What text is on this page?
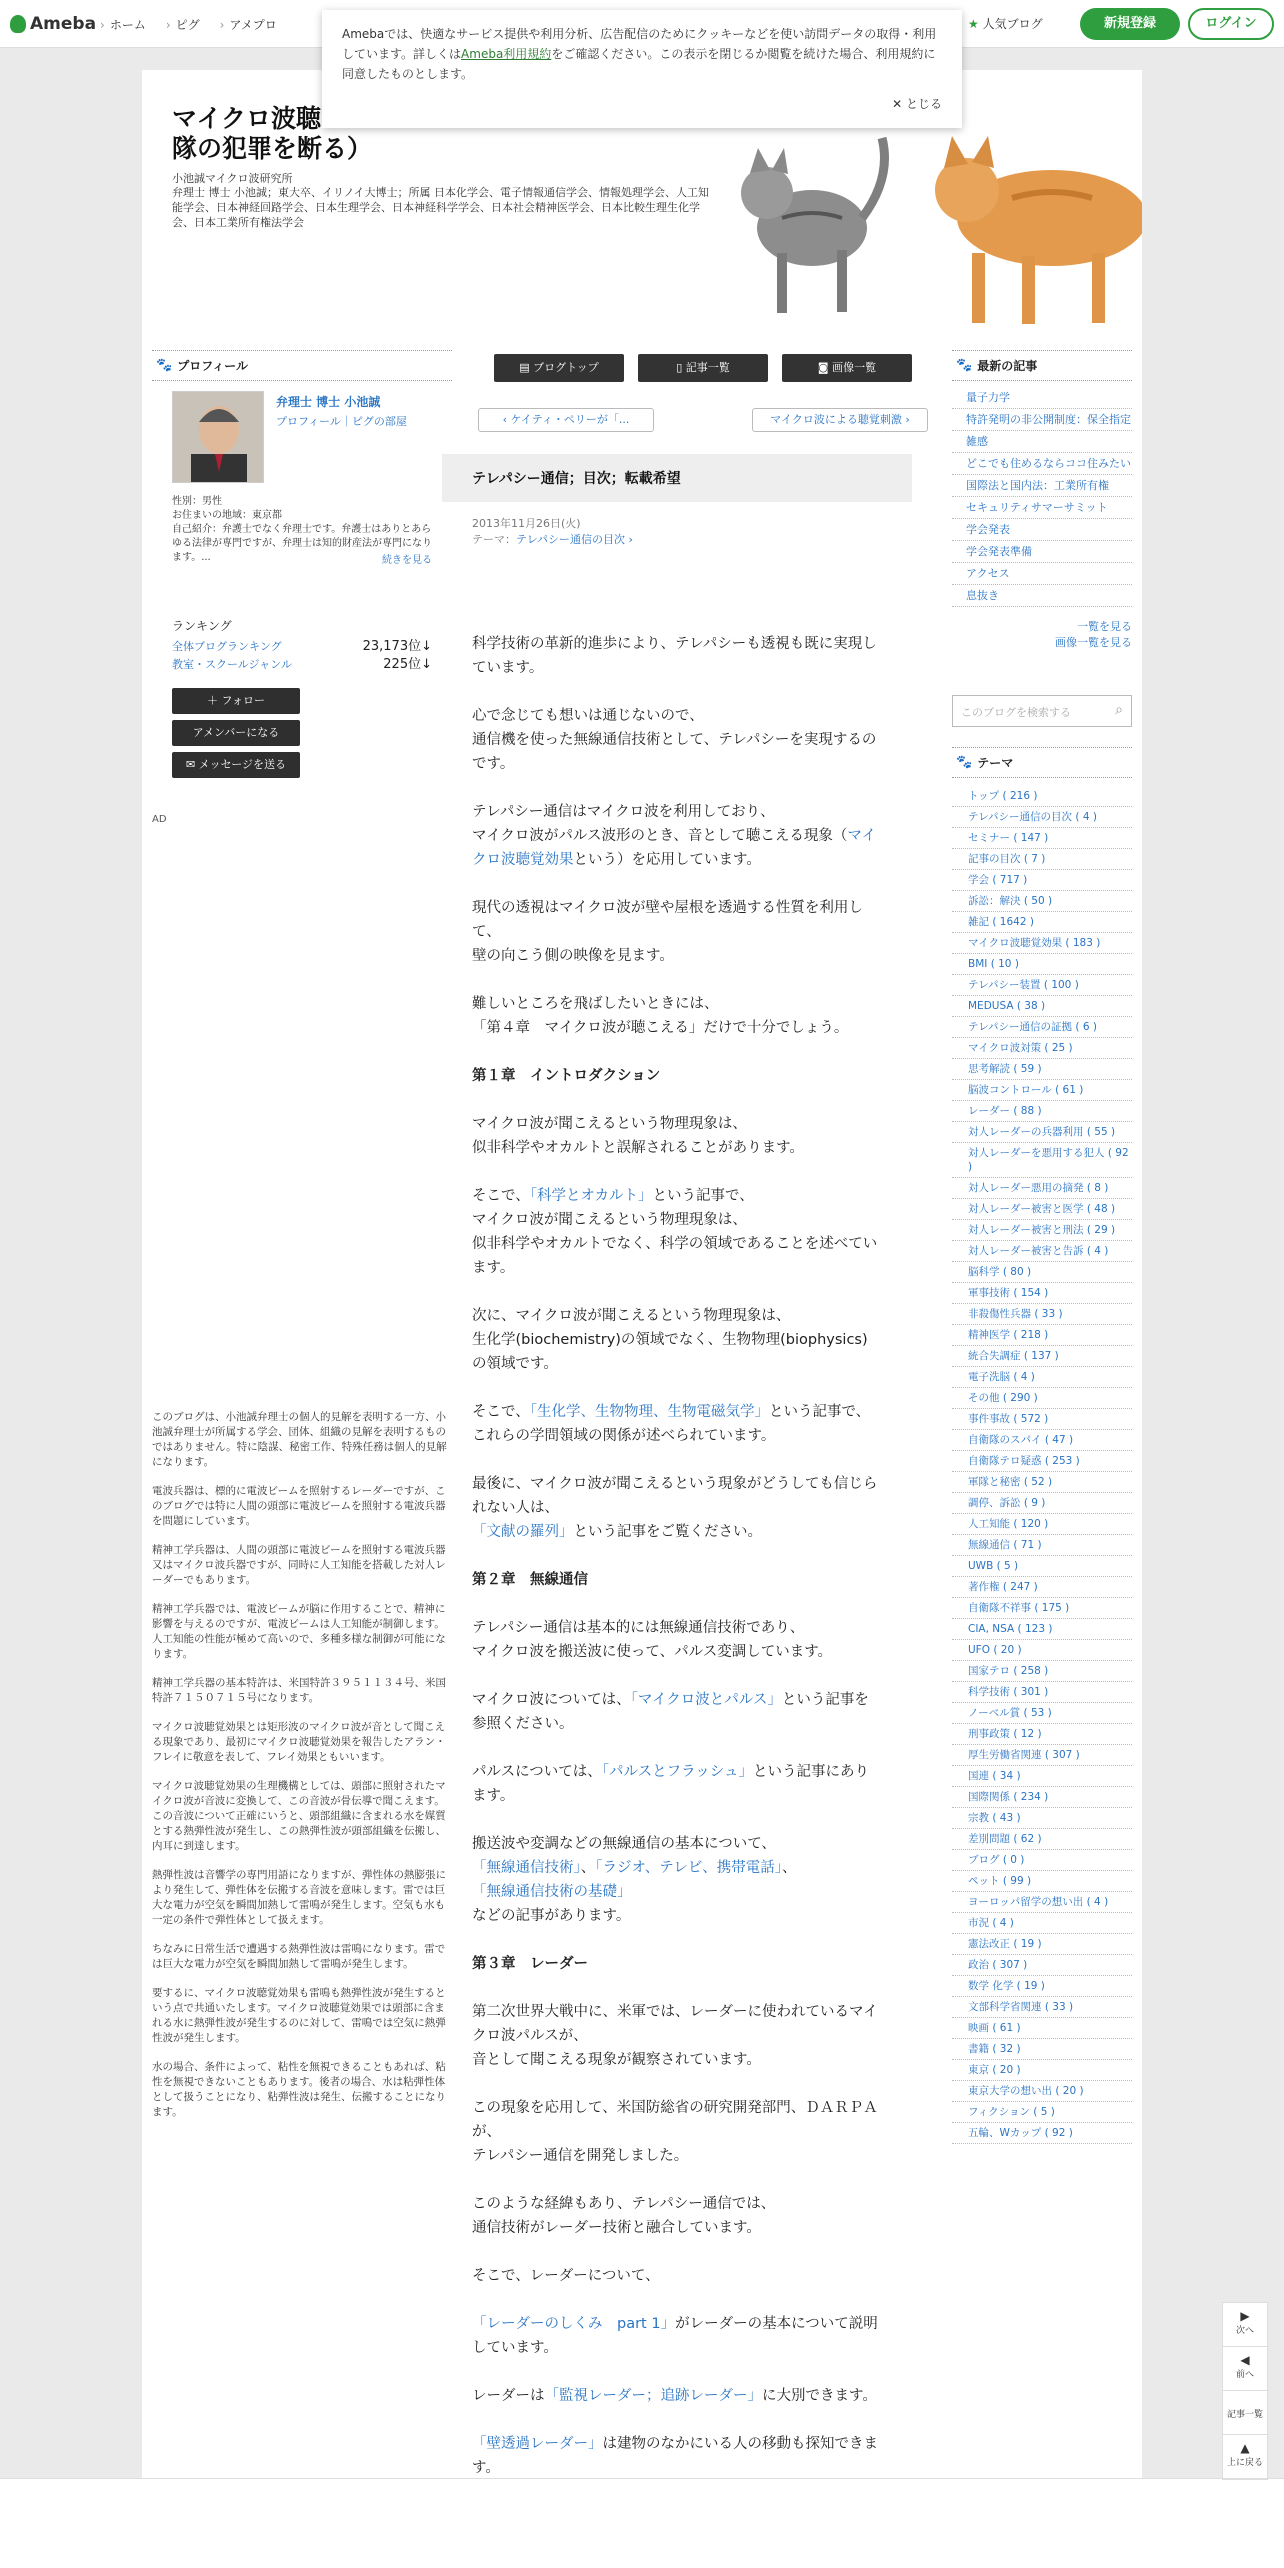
Ameba	› ホーム	› ピグ	› アメプロ	★ 人気ブログ	新規登録	ログイン
Amebaでは、快適なサービス提供や利用分析、広告配信のためにクッキーなどを使い訪問データの取得・利用しています。詳しくはAmeba利用規約をご確認ください。この表示を閉じるか閲覧を続けた場合、利用規約に同意したものとします。
✕ とじる
マイクロ波聴
隊の犯罪を断る）
小池誠マイクロ波研究所
弁理士 博士 小池誠；東大卒、イリノイ大博士；所属 日本化学会、電子情報通信学会、情報処理学会、人工知能学会、日本神経回路学会、日本生理学会、日本神経科学学会、日本社会精神医学会、日本比較生理生化学会、日本工業所有権法学会
🐾 プロフィール
弁理士 博士 小池誠
プロフィール｜ピグの部屋
性別：男性
お住まいの地域：東京都
自己紹介：弁護士でなく弁理士です。弁護士はありとあらゆる法律が専門ですが、弁理士は知的財産法が専門になります。...	続きを見る
ランキング
全体ブログランキング	23,173位↓
教室・スクールジャンル	225位↓
＋ フォロー
アメンバーになる
✉ メッセージを送る
AD

このブログは、小池誠弁理士の個人的見解を表明する一方、小池誠弁理士が所属する学会、団体、組織の見解を表明するものではありません。特に陰謀、秘密工作、特殊任務は個人的見解になります。

電波兵器は、標的に電波ビームを照射するレーダーですが、このブログでは特に人間の頭部に電波ビームを照射する電波兵器を問題にしています。

精神工学兵器は、人間の頭部に電波ビームを照射する電波兵器又はマイクロ波兵器ですが、同時に人工知能を搭載した対人レーダーでもあります。

精神工学兵器では、電波ビームが脳に作用することで、精神に影響を与えるのですが、電波ビームは人工知能が制御します。人工知能の性能が極めて高いので、多種多様な制御が可能になります。

精神工学兵器の基本特許は、米国特許３９５１１３４号、米国特許７１５０７１５号になります。

マイクロ波聴覚効果とは矩形波のマイクロ波が音として聞こえる現象であり、最初にマイクロ波聴覚効果を報告したアラン・フレイに敬意を表して、フレイ効果ともいいます。

マイクロ波聴覚効果の生理機構としては、頭部に照射されたマイクロ波が音波に変換して、この音波が骨伝導で聞こえます。この音波について正確にいうと、頭部組織に含まれる水を媒質とする熱弾性波が発生し、この熱弾性波が頭部組織を伝搬し、内耳に到達します。

熱弾性波は音響学の専門用語になりますが、弾性体の熱膨張により発生して、弾性体を伝搬する音波を意味します。雷では巨大な電力が空気を瞬間加熱して雷鳴が発生します。空気も水も一定の条件で弾性体として扱えます。

ちなみに日常生活で遭遇する熱弾性波は雷鳴になります。雷では巨大な電力が空気を瞬間加熱して雷鳴が発生します。

要するに、マイクロ波聴覚効果も雷鳴も熱弾性波が発生するという点で共通いたします。マイクロ波聴覚効果では頭部に含まれる水に熱弾性波が発生するのに対して、雷鳴では空気に熱弾性波が発生します。

水の場合、条件によって、粘性を無視できることもあれば、粘性を無視できないこともあります。後者の場合、水は粘弾性体として扱うことになり、粘弾性波は発生、伝搬することになります。

▤ ブログトップ	▯ 記事一覧	◙ 画像一覧
‹ ケイティ・ペリーが「...	マイクロ波による聴覚刺激 ›
テレパシー通信；目次；転載希望
2013年11月26日(火)
テーマ：テレパシー通信の目次 ›

科学技術の革新的進歩により、テレパシーも透視も既に実現しています。

心で念じても想いは通じないので、
通信機を使った無線通信技術として、テレパシーを実現するのです。

テレパシー通信はマイクロ波を利用しており、
マイクロ波がパルス波形のとき、音として聴こえる現象（マイクロ波聴覚効果という）を応用しています。

現代の透視はマイクロ波が壁や屋根を透過する性質を利用して、
壁の向こう側の映像を見ます。

難しいところを飛ばしたいときには、
「第４章　マイクロ波が聴こえる」だけで十分でしょう。

第１章　イントロダクション

マイクロ波が聞こえるという物理現象は、
似非科学やオカルトと誤解されることがあります。

そこで、「科学とオカルト」という記事で、
マイクロ波が聞こえるという物理現象は、
似非科学やオカルトでなく、科学の領域であることを述べています。

次に、マイクロ波が聞こえるという物理現象は、
生化学(biochemistry)の領域でなく、生物物理(biophysics)の領域です。

そこで、「生化学、生物物理、生物電磁気学」という記事で、
これらの学問領域の関係が述べられています。

最後に、マイクロ波が聞こえるという現象がどうしても信じられない人は、
「文献の羅列」という記事をご覧ください。

第２章　無線通信

テレパシー通信は基本的には無線通信技術であり、
マイクロ波を搬送波に使って、パルス変調しています。

マイクロ波については、「マイクロ波とパルス」という記事を参照ください。

パルスについては、「パルスとフラッシュ」という記事にあります。

搬送波や変調などの無線通信の基本について、
「無線通信技術」、「ラジオ、テレビ、携帯電話」、
「無線通信技術の基礎」
などの記事があります。

第３章　レーダー

第二次世界大戦中に、米軍では、レーダーに使われているマイクロ波パルスが、
音として聞こえる現象が観察されています。

この現象を応用して、米国防総省の研究開発部門、ＤＡＲＰＡが、
テレパシー通信を開発しました。

このような経緯もあり、テレパシー通信では、
通信技術がレーダー技術と融合しています。

そこで、レーダーについて、

「レーダーのしくみ　part 1」がレーダーの基本について説明しています。

レーダーは「監視レーダー；追跡レーダー」に大別できます。

「壁透過レーダー」は建物のなかにいる人の移動も探知できます。

🐾 最新の記事
量子力学
特許発明の非公開制度：保全指定
雑感
どこでも住めるならココ住みたい
国際法と国内法：工業所有権
セキュリティサマーサミット
学会発表
学会発表準備
アクセス
息抜き
一覧を見る
画像一覧を見る
このブログを検索する ⌕
🐾 テーマ
トップ ( 216 )
テレパシー通信の目次 ( 4 )
セミナー ( 147 )
記事の目次 ( 7 )
学会 ( 717 )
訴訟：解決 ( 50 )
雑記 ( 1642 )
マイクロ波聴覚効果 ( 183 )
BMI ( 10 )
テレパシー装置 ( 100 )
MEDUSA ( 38 )
テレパシー通信の証拠 ( 6 )
マイクロ波対策 ( 25 )
思考解読 ( 59 )
脳波コントロール ( 61 )
レーダー ( 88 )
対人レーダーの兵器利用 ( 55 )
対人レーダーを悪用する犯人 ( 92 )
対人レーダー悪用の摘発 ( 8 )
対人レーダー被害と医学 ( 48 )
対人レーダー被害と刑法 ( 29 )
対人レーダー被害と告訴 ( 4 )
脳科学 ( 80 )
軍事技術 ( 154 )
非殺傷性兵器 ( 33 )
精神医学 ( 218 )
統合失調症 ( 137 )
電子洗脳 ( 4 )
その他 ( 290 )
事件事故 ( 572 )
自衛隊のスパイ ( 47 )
自衛隊テロ疑惑 ( 253 )
軍隊と秘密 ( 52 )
調停、訴訟 ( 9 )
人工知能 ( 120 )
無線通信 ( 71 )
UWB ( 5 )
著作権 ( 247 )
自衛隊不祥事 ( 175 )
CIA, NSA ( 123 )
UFO ( 20 )
国家テロ ( 258 )
科学技術 ( 301 )
ノーベル賞 ( 53 )
刑事政策 ( 12 )
厚生労働省関連 ( 307 )
国連 ( 34 )
国際関係 ( 234 )
宗教 ( 43 )
差別問題 ( 62 )
ブログ ( 0 )
ペット ( 99 )
ヨーロッパ留学の想い出 ( 4 )
市況 ( 4 )
憲法改正 ( 19 )
政治 ( 307 )
数学 化学 ( 19 )
文部科学省関連 ( 33 )
映画 ( 61 )
書籍 ( 32 )
東京 ( 20 )
東京大学の想い出 ( 20 )
フィクション ( 5 )
五輪、Wカップ ( 92 )
▶
次へ
◀
前へ
記事一覧
▲
上に戻る
